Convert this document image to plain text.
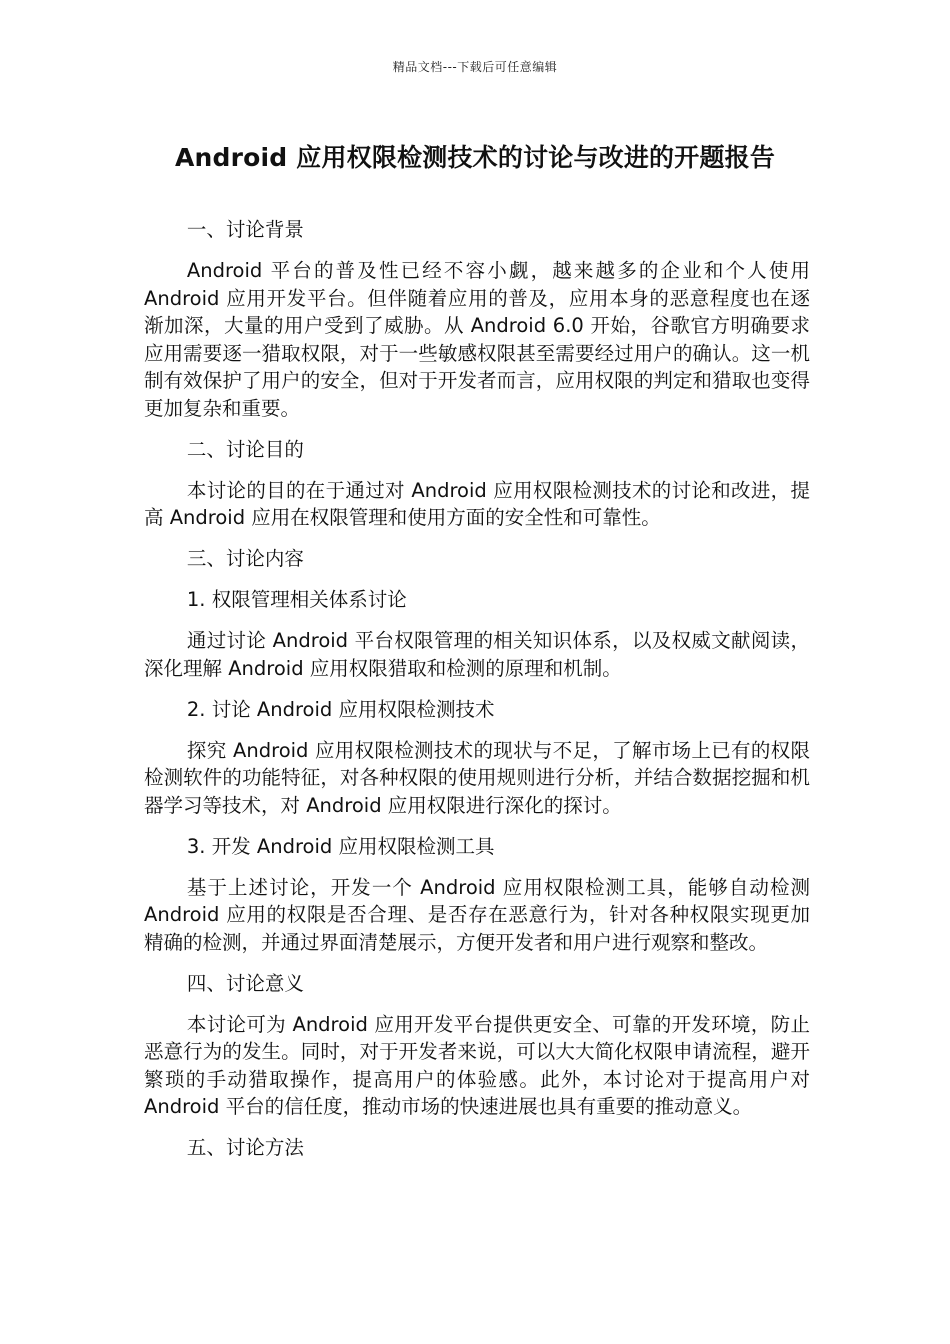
精品文档---下载后可任意编辑
Android 应用权限检测技术的讨论与改进的开题报告

一、讨论背景

Android 平台的普及性已经不容小觑，越来越多的企业和个人使用 Android 应用开发平台。但伴随着应用的普及，应用本身的恶意程度也在逐渐加深，大量的用户受到了威胁。从 Android 6.0 开始，谷歌官方明确要求应用需要逐一猎取权限，对于一些敏感权限甚至需要经过用户的确认。这一机制有效保护了用户的安全，但对于开发者而言，应用权限的判定和猎取也变得更加复杂和重要。

二、讨论目的

本讨论的目的在于通过对 Android 应用权限检测技术的讨论和改进，提高 Android 应用在权限管理和使用方面的安全性和可靠性。

三、讨论内容

1. 权限管理相关体系讨论

通过讨论 Android 平台权限管理的相关知识体系，以及权威文献阅读，深化理解 Android 应用权限猎取和检测的原理和机制。

2. 讨论 Android 应用权限检测技术

探究 Android 应用权限检测技术的现状与不足，了解市场上已有的权限检测软件的功能特征，对各种权限的使用规则进行分析，并结合数据挖掘和机器学习等技术，对 Android 应用权限进行深化的探讨。

3. 开发 Android 应用权限检测工具

基于上述讨论，开发一个 Android 应用权限检测工具，能够自动检测 Android 应用的权限是否合理、是否存在恶意行为，针对各种权限实现更加精确的检测，并通过界面清楚展示，方便开发者和用户进行观察和整改。

四、讨论意义

本讨论可为 Android 应用开发平台提供更安全、可靠的开发环境，防止恶意行为的发生。同时，对于开发者来说，可以大大简化权限申请流程，避开繁琐的手动猎取操作，提高用户的体验感。此外，本讨论对于提高用户对 Android 平台的信任度，推动市场的快速进展也具有重要的推动意义。

五、讨论方法
